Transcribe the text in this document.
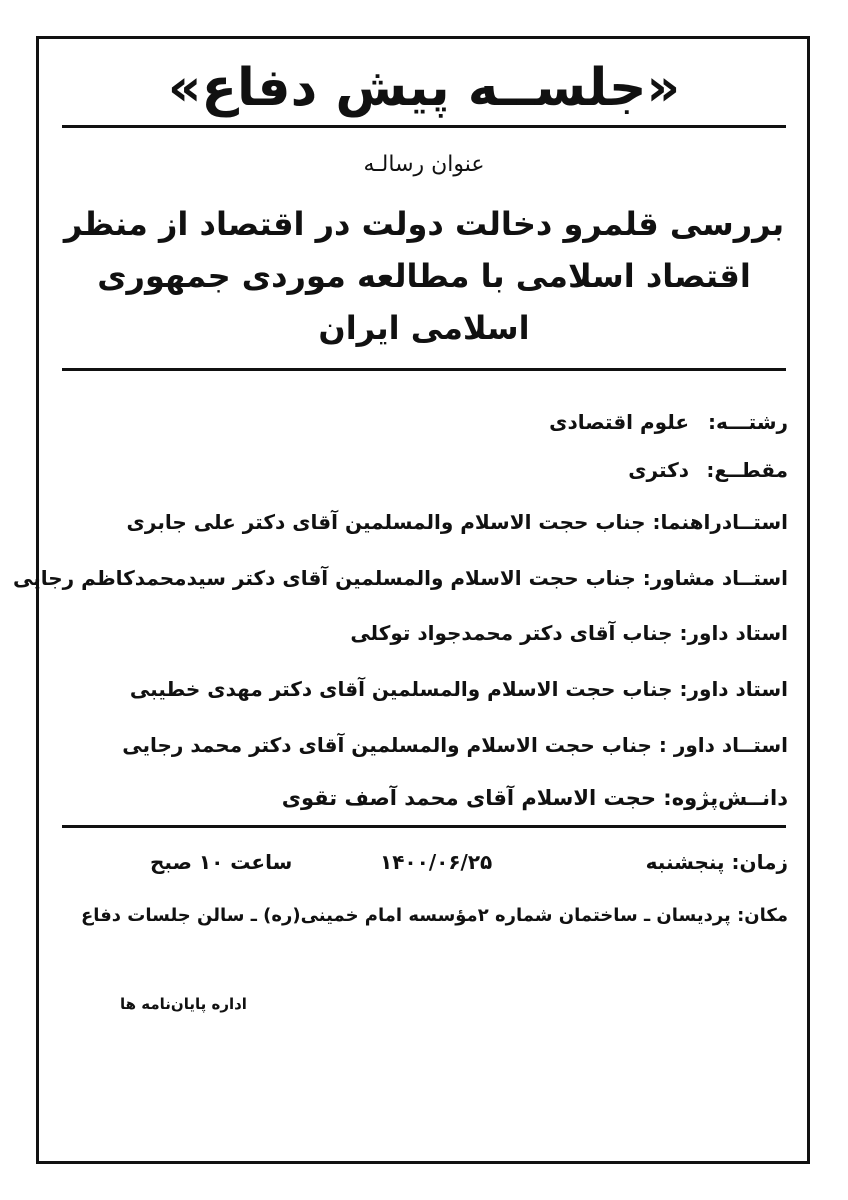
«جلســه پیش دفاع»
عنوان رسالـه
بررسی قلمرو دخالت دولت در اقتصاد از منظر اقتصاد اسلامی با مطالعه موردی جمهوری اسلامی ایران
رشتـــه: علوم اقتصادی
مقطــع: دکتری
استــادراهنما: جناب حجت الاسلام والمسلمین آقای دکتر علی جابری
استــاد مشاور: جناب حجت الاسلام والمسلمین آقای دکتر سیدمحمدکاظم رجایی
استاد داور: جناب آقای دکتر محمدجواد توکلی
استاد داور: جناب حجت الاسلام والمسلمین آقای دکتر مهدی خطیبی
استــاد داور : جناب حجت الاسلام والمسلمین آقای دکتر محمد رجایی
دانــش‌پژوه: حجت الاسلام آقای محمد آصف تقوی
زمان: پنجشنبه
۱۴۰۰/۰۶/۲۵
ساعت ۱۰ صبح
مکان: پردیسان ـ ساختمان شماره ۲مؤسسه امام خمینی(ره) ـ سالن جلسات دفاع
اداره پایان‌نامه ها
